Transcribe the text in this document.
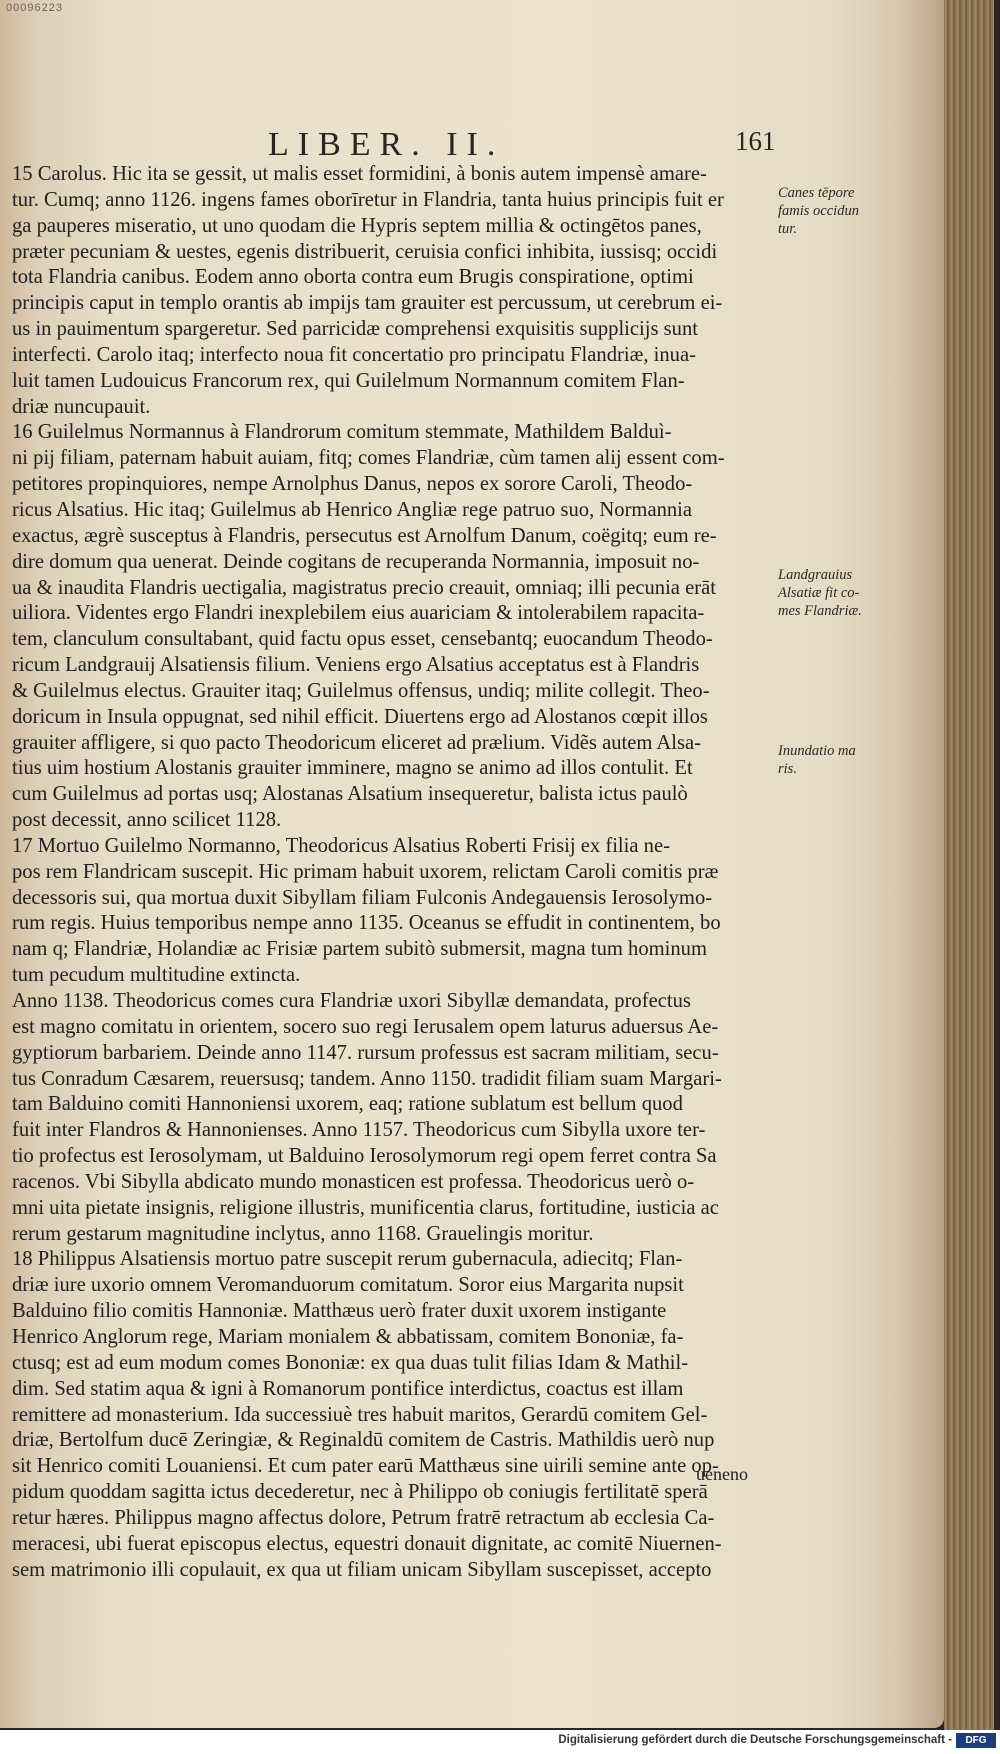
00096223
LIBER. II.	161
15 Carolus. Hic ita se gessit, ut malis esset formidini, à bonis autem impensè amare-
tur. Cumq; anno 1126. ingens fames oborīretur in Flandria, tanta huius principis fuit er
ga pauperes miseratio, ut uno quodam die Hypris septem millia & octingētos panes,
præter pecuniam & uestes, egenis distribuerit, ceruisia confici inhibita, iussisq; occidi
tota Flandria canibus. Eodem anno oborta contra eum Brugis conspiratione, optimi
principis caput in templo orantis ab impijs tam grauiter est percussum, ut cerebrum ei-
us in pauimentum spargeretur. Sed parricidæ comprehensi exquisitis supplicijs sunt
interfecti. Carolo itaq; interfecto noua fit concertatio pro principatu Flandriæ, inuа-
luit tamen Ludouicus Francorum rex, qui Guilelmum Normannum comitem Flan-
driæ nuncupauit.
16 Guilelmus Normannus à Flandrorum comitum stemmate, Mathildem Balduì-
ni pij filiam, paternam habuit auiam, fitq; comes Flandriæ, cùm tamen alij essent com-
petitores propinquiores, nempe Arnolphus Danus, nepos ex sorore Caroli, Theodo-
ricus Alsatius. Hic itaq; Guilelmus ab Henrico Angliæ rege patruo suo, Normannia
exactus, ægrè susceptus à Flandris, persecutus est Arnolfum Danum, coëgitq; eum re-
dire domum qua uenerat. Deinde cogitans de recuperanda Normannia, imposuit no-
ua & inaudita Flandris uectigalia, magistratus precio creauit, omniaq; illi pecunia erāt
uiliora. Videntes ergo Flandri inexplebilem eius auariciam & intolerabilem rapacita-
tem, clanculum consultabant, quid factu opus esset, censebantq; euocandum Theodo-
ricum Landgrauij Alsatiensis filium. Veniens ergo Alsatius acceptatus est à Flandris
& Guilelmus electus. Grauiter itaq; Guilelmus offensus, undiq; milite collegit. Theo-
doricum in Insula oppugnat, sed nihil efficit. Diuertens ergo ad Alostanos cœpit illos
grauiter affligere, si quo pacto Theodoricum eliceret ad prælium. Vidẽs autem Alsa-
tius uim hostium Alostanis grauiter imminere, magno se animo ad illos contulit. Et
cum Guilelmus ad portas usq; Alostanas Alsatium insequeretur, balista ictus paulò
post decessit, anno scilicet 1128.
17 Mortuo Guilelmo Normanno, Theodoricus Alsatius Roberti Frisij ex filia ne-
pos rem Flandricam suscepit. Hic primam habuit uxorem, relictam Caroli comitis præ
decessoris sui, qua mortua duxit Sibyllam filiam Fulconis Andegauensis Ierosolymo-
rum regis. Huius temporibus nempe anno 1135. Oceanus se effudit in continentem, bo
nam q; Flandriæ, Holandiæ ac Frisiæ partem subitò submersit, magna tum hominum
tum pecudum multitudine extincta.
Anno 1138. Theodoricus comes cura Flandriæ uxori Sibyllæ demandata, profectus
est magno comitatu in orientem, socero suo regi Ierusalem opem laturus aduersus Ae-
gyptiorum barbariem. Deinde anno 1147. rursum professus est sacram militiam, secu-
tus Conradum Cæsarem, reuersusq; tandem. Anno 1150. tradidit filiam suam Margari-
tam Balduino comiti Hannoniensi uxorem, eaq; ratione sublatum est bellum quod
fuit inter Flandros & Hannonienses. Anno 1157. Theodoricus cum Sibylla uxore ter-
tio profectus est Ierosolymam, ut Balduino Ierosolymorum regi opem ferret contra Sa
racenos. Vbi Sibylla abdicato mundo monasticen est professa. Theodoricus uerò o-
mni uita pietate insignis, religione illustris, munificentia clarus, fortitudine, iusticia ac
rerum gestarum magnitudine inclytus, anno 1168. Grauelingis moritur.
18 Philippus Alsatiensis mortuo patre suscepit rerum gubernacula, adiecitq; Flan-
driæ iure uxorio omnem Veromanduorum comitatum. Soror eius Margarita nupsit
Balduino filio comitis Hannoniæ. Matthæus uerò frater duxit uxorem instigante
Henrico Anglorum rege, Mariam monialem & abbatissam, comitem Bononiæ, fa-
ctusq; est ad eum modum comes Bononiæ: ex qua duas tulit filias Idam & Mathil-
dim. Sed statim aqua & igni à Romanorum pontifice interdictus, coactus est illam
remittere ad monasterium. Ida successiuè tres habuit maritos, Gerardū comitem Gel-
driæ, Bertolfum ducē Zeringiæ, & Reginaldū comitem de Castris. Mathildis uerò nup
sit Henrico comiti Louaniensi. Et cum pater earū Matthæus sine uirili semine ante op-
pidum quoddam sagitta ictus decederetur, nec à Philippo ob coniugis fertilitatē sperā
retur hæres. Philippus magno affectus dolore, Petrum fratrē retractum ab ecclesia Ca-
meracesi, ubi fuerat episcopus electus, equestri donauit dignitate, ac comitē Niuernen-
sem matrimonio illi copulauit, ex qua ut filiam unicam Sibyllam suscepisset, accepto
Canes tēpore famis occidun tur.
Landgrauius Alsatiæ fit co- mes Flandriæ.
Inundatio ma ris.
ueneno
Digitalisierung gefördert durch die Deutsche Forschungsgemeinschaft -	DFG
